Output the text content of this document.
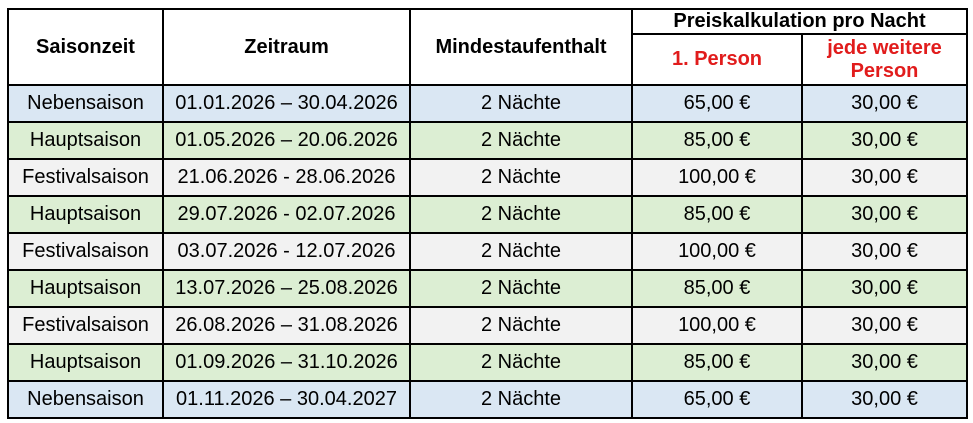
Saisonzeit	Zeitraum	Mindestaufenthalt	Preiskalkulation pro Nacht	
			1. Person	jede weitere Person
Nebensaison	01.01.2026 – 30.04.2026	2 Nächte	65,00 €	30,00 €
Hauptsaison	01.05.2026 – 20.06.2026	2 Nächte	85,00 €	30,00 €
Festivalsaison	21.06.2026 - 28.06.2026	2 Nächte	100,00 €	30,00 €
Hauptsaison	29.07.2026 - 02.07.2026	2 Nächte	85,00 €	30,00 €
Festivalsaison	03.07.2026 - 12.07.2026	2 Nächte	100,00 €	30,00 €
Hauptsaison	13.07.2026 – 25.08.2026	2 Nächte	85,00 €	30,00 €
Festivalsaison	26.08.2026 – 31.08.2026	2 Nächte	100,00 €	30,00 €
Hauptsaison	01.09.2026 – 31.10.2026	2 Nächte	85,00 €	30,00 €
Nebensaison	01.11.2026 – 30.04.2027	2 Nächte	65,00 €	30,00 €
